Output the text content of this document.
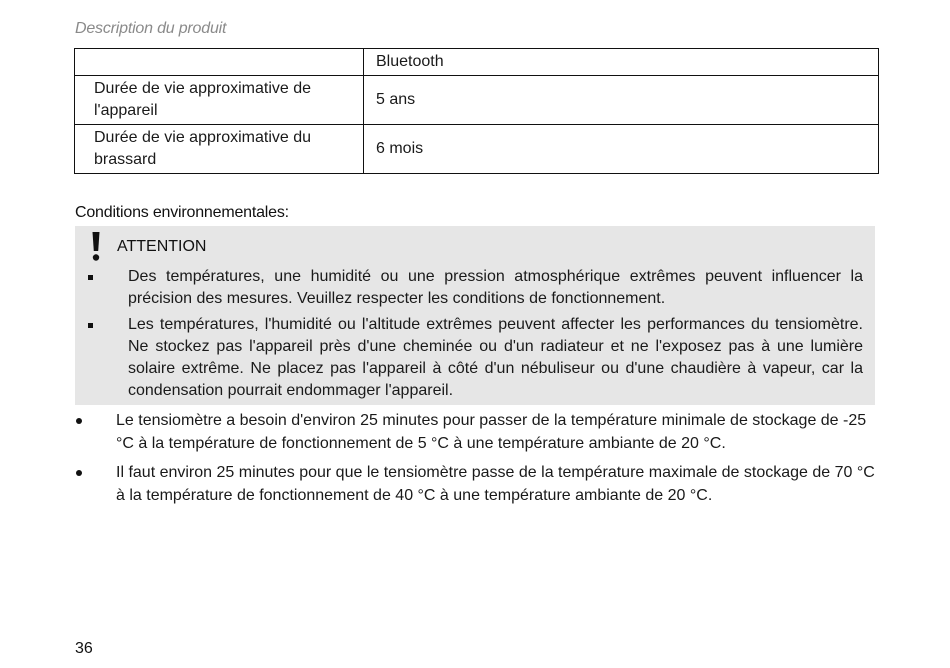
Description du produit
	Bluetooth
Durée de vie approximative de l'appareil	5 ans
Durée de vie approximative du brassard	6 mois
Conditions environnementales:
ATTENTION
Des températures, une humidité ou une pression atmosphérique extrêmes peuvent influencer la précision des mesures. Veuillez respecter les conditions de fonctionnement.
Les températures, l'humidité ou l'altitude extrêmes peuvent affecter les performances du tensiomètre. Ne stockez pas l'appareil près d'une cheminée ou d'un radiateur et ne l'exposez pas à une lumière solaire extrême. Ne placez pas l'appareil à côté d'un nébuliseur ou d'une chaudière à vapeur, car la condensation pourrait endommager l'appareil.
Le tensiomètre a besoin d'environ 25 minutes pour passer de la température minimale de stockage de -25 °C à la température de fonctionnement de 5 °C à une température ambiante de 20 °C.
Il faut environ 25 minutes pour que le tensiomètre passe de la température maximale de stockage de 70 °C à la température de fonctionnement de 40 °C à une température ambiante de 20 °C.
36
